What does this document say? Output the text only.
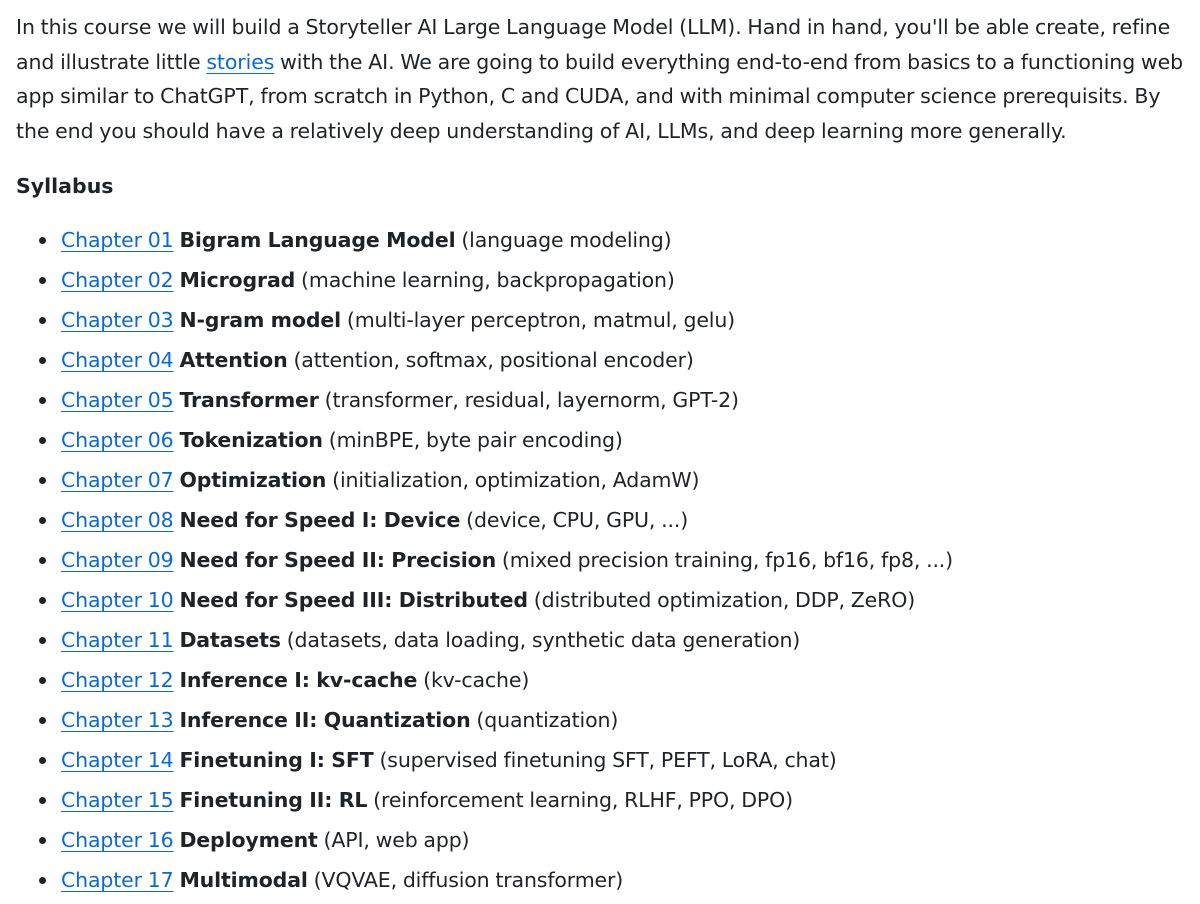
In this course we will build a Storyteller AI Large Language Model (LLM). Hand in hand, you'll be able create, refine and illustrate little stories with the AI. We are going to build everything end-to-end from basics to a functioning web app similar to ChatGPT, from scratch in Python, C and CUDA, and with minimal computer science prerequisits. By the end you should have a relatively deep understanding of AI, LLMs, and deep learning more generally.

Syllabus
Chapter 01 Bigram Language Model (language modeling)
Chapter 02 Micrograd (machine learning, backpropagation)
Chapter 03 N-gram model (multi-layer perceptron, matmul, gelu)
Chapter 04 Attention (attention, softmax, positional encoder)
Chapter 05 Transformer (transformer, residual, layernorm, GPT-2)
Chapter 06 Tokenization (minBPE, byte pair encoding)
Chapter 07 Optimization (initialization, optimization, AdamW)
Chapter 08 Need for Speed I: Device (device, CPU, GPU, ...)
Chapter 09 Need for Speed II: Precision (mixed precision training, fp16, bf16, fp8, ...)
Chapter 10 Need for Speed III: Distributed (distributed optimization, DDP, ZeRO)
Chapter 11 Datasets (datasets, data loading, synthetic data generation)
Chapter 12 Inference I: kv-cache (kv-cache)
Chapter 13 Inference II: Quantization (quantization)
Chapter 14 Finetuning I: SFT (supervised finetuning SFT, PEFT, LoRA, chat)
Chapter 15 Finetuning II: RL (reinforcement learning, RLHF, PPO, DPO)
Chapter 16 Deployment (API, web app)
Chapter 17 Multimodal (VQVAE, diffusion transformer)
